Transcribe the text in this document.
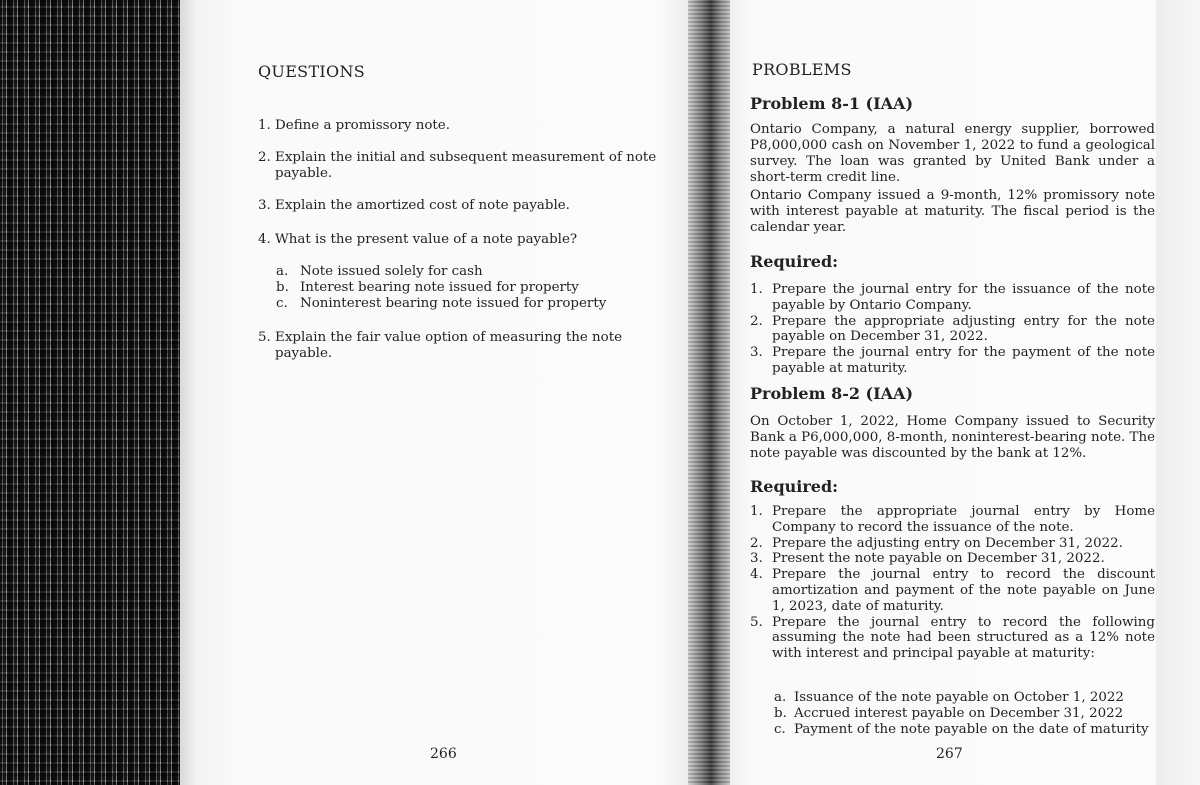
QUESTIONS
1. Define a promissory note.
2. Explain the initial and subsequent measurement of note
payable.
3. Explain the amortized cost of note payable.
4. What is the present value of a note payable?
a. Note issued solely for cash
b. Interest bearing note issued for property
c. Noninterest bearing note issued for property
5. Explain the fair value option of measuring the note
payable.
266
PROBLEMS
Problem 8-1 (IAA)
Ontario Company, a natural energy supplier, borrowed P8,000,000 cash on November 1, 2022 to fund a geological survey. The loan was granted by United Bank under a short-term credit line.
Ontario Company issued a 9-month, 12% promissory note with interest payable at maturity. The fiscal period is the calendar year.
Required:
1. Prepare the journal entry for the issuance of the note payable by Ontario Company.
2. Prepare the appropriate adjusting entry for the note payable on December 31, 2022.
3. Prepare the journal entry for the payment of the note payable at maturity.
Problem 8-2 (IAA)
On October 1, 2022, Home Company issued to Security Bank a P6,000,000, 8-month, noninterest-bearing note. The note payable was discounted by the bank at 12%.
Required:
1. Prepare the appropriate journal entry by Home Company to record the issuance of the note.
2. Prepare the adjusting entry on December 31, 2022.
3. Present the note payable on December 31, 2022.
4. Prepare the journal entry to record the discount amortization and payment of the note payable on June 1, 2023, date of maturity.
5. Prepare the journal entry to record the following assuming the note had been structured as a 12% note with interest and principal payable at maturity:
a. Issuance of the note payable on October 1, 2022
b. Accrued interest payable on December 31, 2022
c. Payment of the note payable on the date of maturity
267
